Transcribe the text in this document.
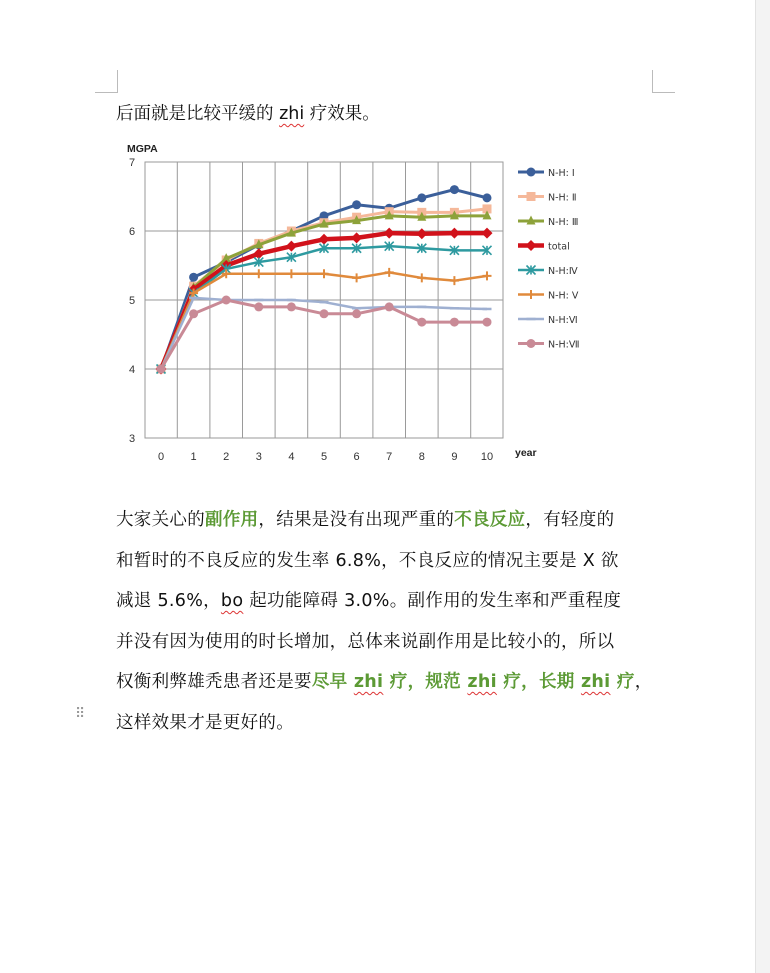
后面就是比较平缓的 zhi 疗效果。
3
4
5
6
7
0 1 2 3 4 5 6 7 8 9 10
MGPA
year
N-H: Ⅰ
N-H: Ⅱ
N-H: Ⅲ
total
N-H:Ⅳ
N-H: Ⅴ
N-H:Ⅵ
N-H:Ⅶ

大家关心的副作用，结果是没有出现严重的不良反应，有轻度的

和暂时的不良反应的发生率 6.8%，不良反应的情况主要是 X 欲

减退 5.6%，bo 起功能障碍 3.0%。副作用的发生率和严重程度

并没有因为使用的时长增加，总体来说副作用是比较小的，所以

权衡利弊雄秃患者还是要尽早 zhi 疗，规范 zhi 疗，长期 zhi 疗，

这样效果才是更好的。

⠿
